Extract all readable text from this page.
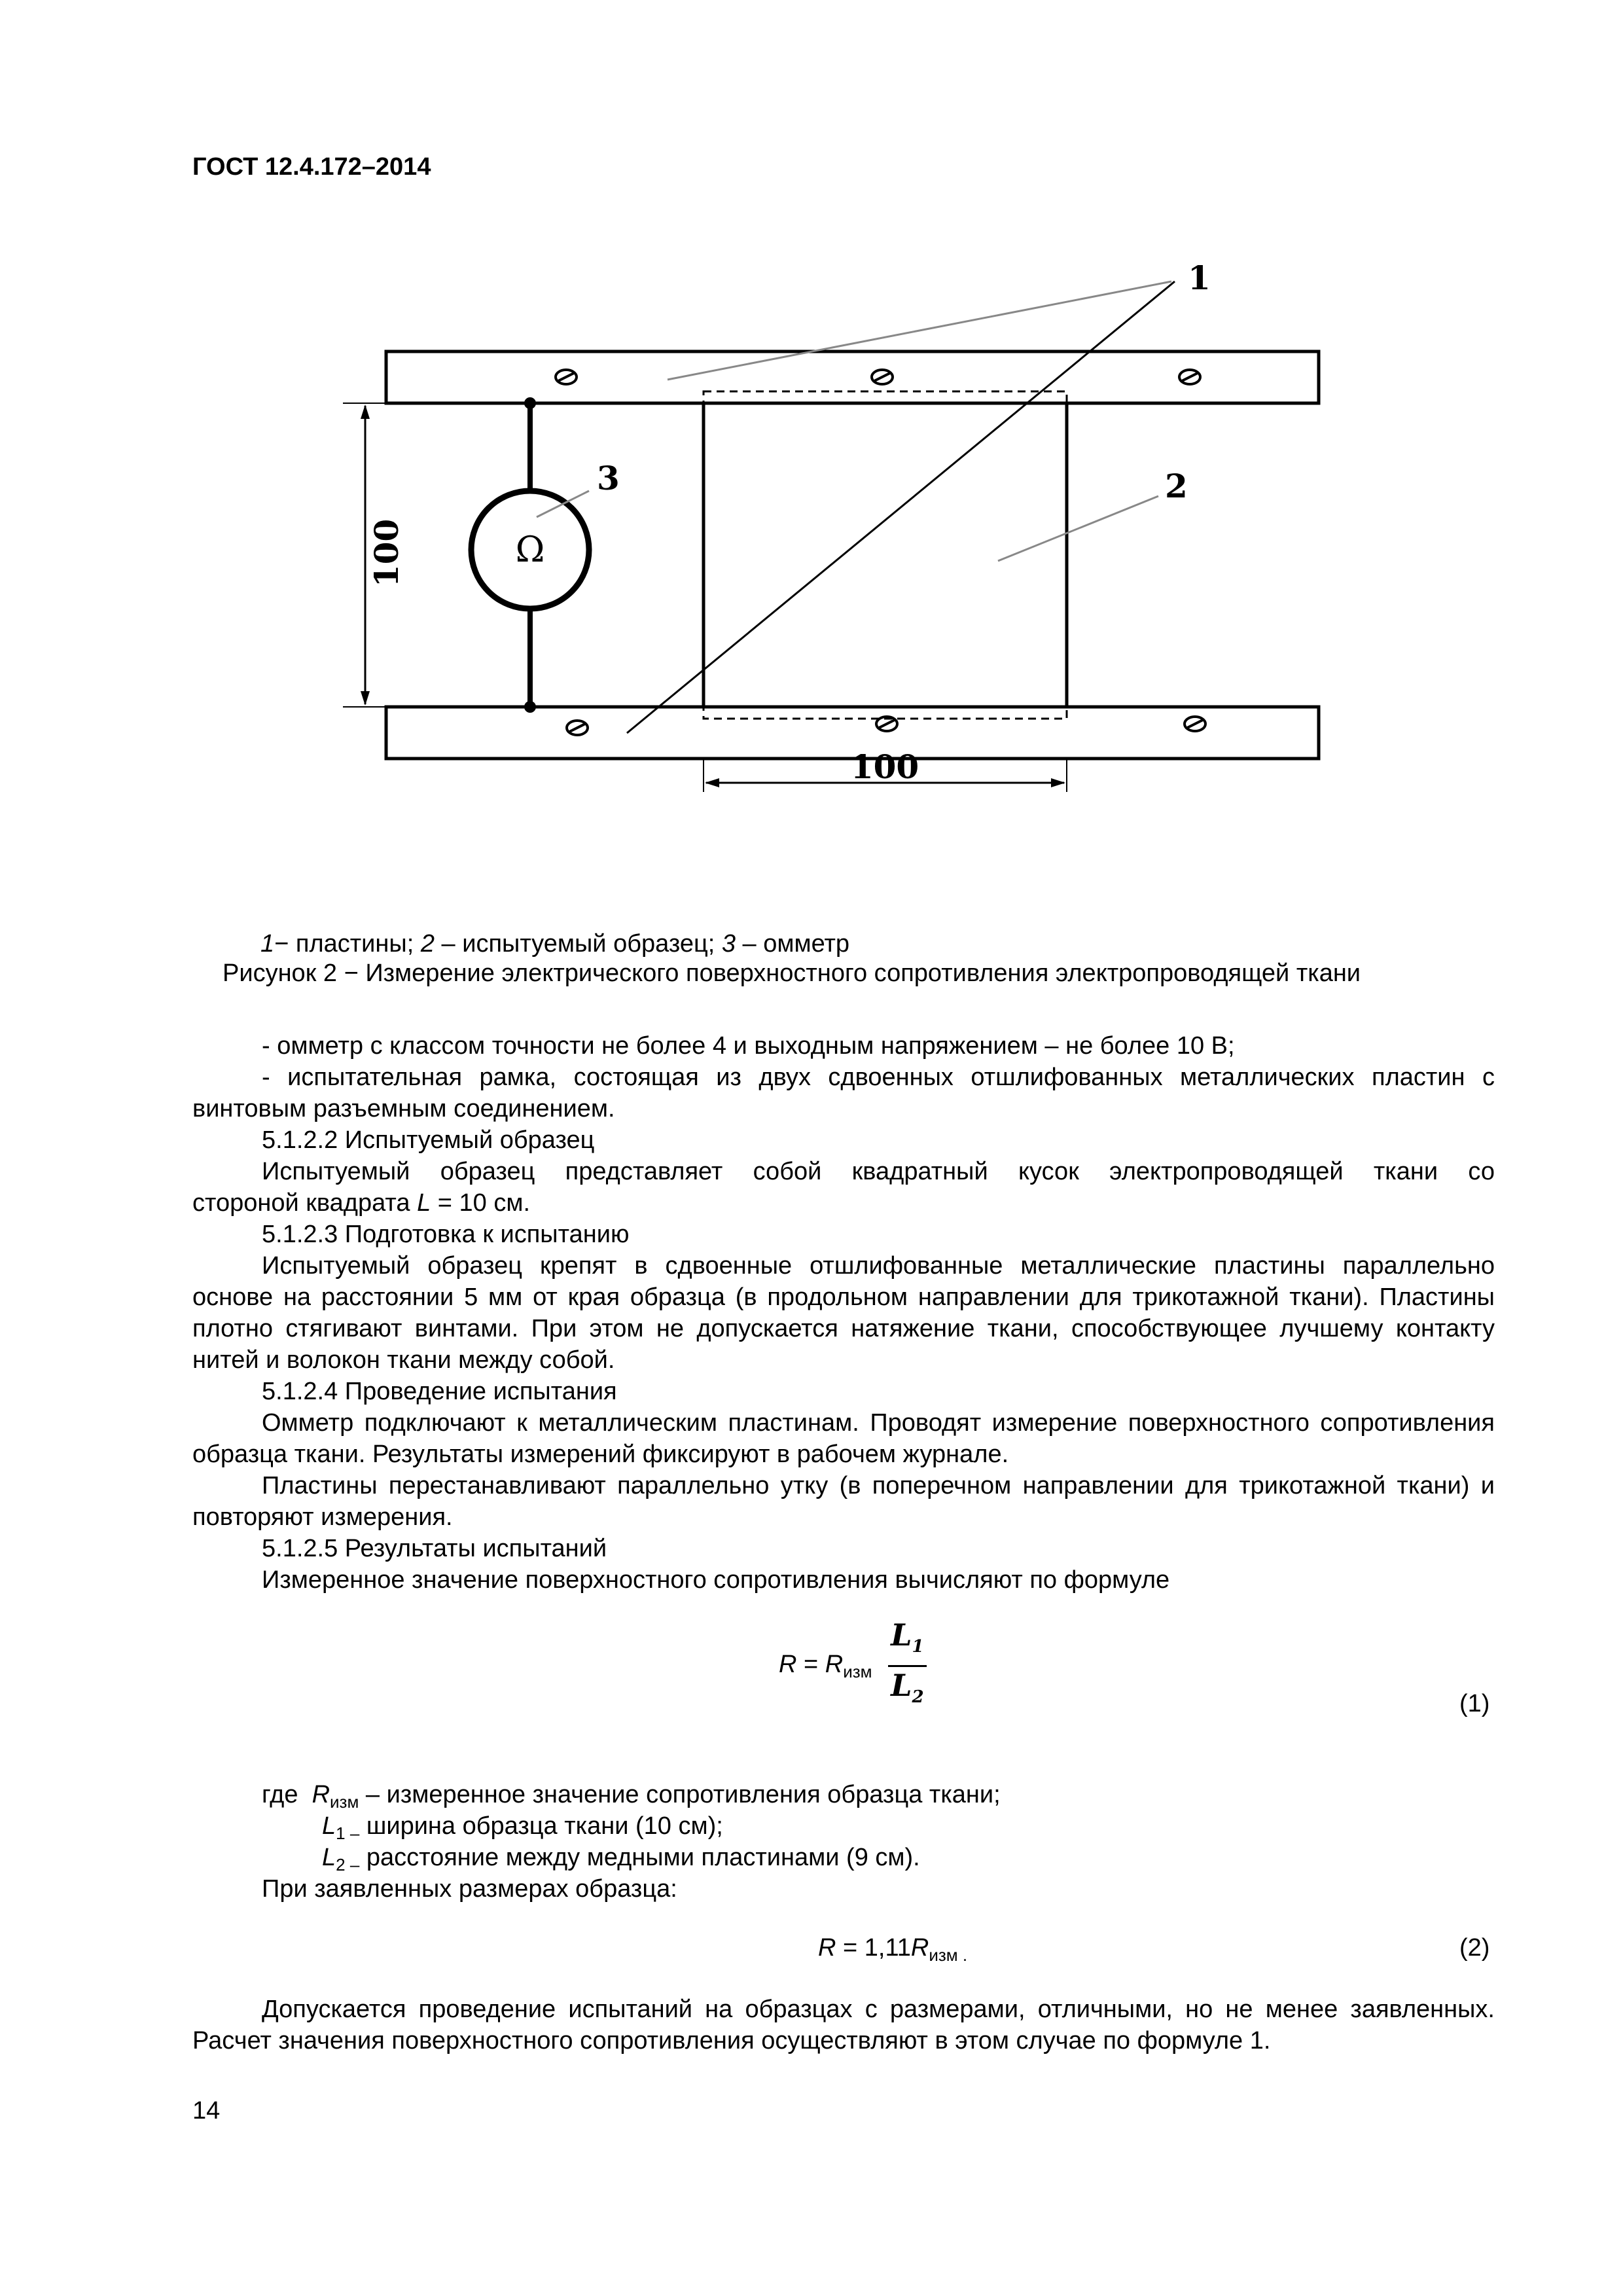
ГОСТ 12.4.172–2014
Ω
100
100
1
2
3
1− пластины; 2 – испытуемый образец; 3 – омметр
Рисунок 2 − Измерение электрического поверхностного сопротивления электропроводящей ткани
- омметр с классом точности не более 4 и выходным напряжением – не более 10 В;
- испытательная рамка, состоящая из двух сдвоенных отшлифованных металлических пластин с
винтовым разъемным соединением.
5.1.2.2 Испытуемый образец
Испытуемый образец представляет собой квадратный кусок электропроводящей ткани со
стороной квадрата L = 10 см.
5.1.2.3 Подготовка к испытанию
Испытуемый образец крепят в сдвоенные отшлифованные металлические пластины параллельно основе на расстоянии 5 мм от края образца (в продольном направлении для трикотажной ткани). Пластины плотно стягивают винтами. При этом не допускается натяжение ткани, способствующее лучшему контакту нитей и волокон ткани между собой.
5.1.2.4 Проведение испытания
Омметр подключают к металлическим пластинам. Проводят измерение поверхностного сопротивления образца ткани. Результаты измерений фиксируют в рабочем журнале.
Пластины перестанавливают параллельно утку (в поперечном направлении для трикотажной ткани) и повторяют измерения.
5.1.2.5 Результаты испытаний
Измеренное значение поверхностного сопротивления вычисляют по формуле
$R = R_{изм} \frac{L_1}{L_2}$	(1)
где  $R_{изм}$ – измеренное значение сопротивления образца ткани;
$L_{1 -}$ ширина образца ткани (10 см);
$L_{2 -}$ расстояние между медными пластинами (9 см).
При заявленных размерах образца:
$R = 1,11R_{изм .}$	(2)
Допускается проведение испытаний на образцах с размерами, отличными, но не менее заявленных. Расчет значения поверхностного сопротивления осуществляют в этом случае по формуле 1.
14
